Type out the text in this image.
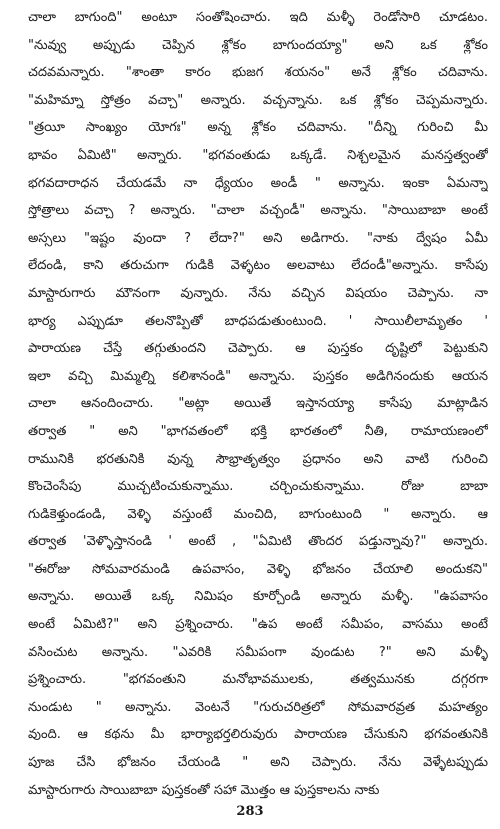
చాలా బాగుంది" అంటూ సంతోషించారు. ఇది మళ్ళీ రెండోసారి చూడటం.
"నువ్వు అప్పుడు చెప్పిన శ్లోకం బాగుందయ్యా" అని ఒక శ్లోకం
చదవమన్నారు. "శాంతా కారం భుజగ శయనం" అనే శ్లోకం చదివాను.
"మహిమ్నా స్తోత్రం వచ్చా" అన్నారు. వచ్చన్నాను. ఒక శ్లోకం చెప్పమన్నారు.
"త్రయీ సాంఖ్యం యోగః" అన్న శ్లోకం చదివాను. "దీన్ని గురించి మీ
భావం ఏమిటి" అన్నారు. "భగవంతుడు ఒక్కడే. నిశ్చలమైన మనస్తత్వంతో
భగవదారాధన చేయడమే నా ధ్యేయం అండీ " అన్నాను. ఇంకా ఏమన్నా
స్తోత్రాలు వచ్చా ? అన్నారు. "చాలా వచ్చండీ" అన్నాను. "సాయిబాబా అంటే
అస్సలు "ఇష్టం వుందా ? లేదా?" అని అడిగారు. "నాకు ద్వేషం ఏమీ
లేదండి, కాని తరుచుగా గుడికి వెళ్ళటం అలవాటు లేదండీ"అన్నాను. కాసేపు
మాస్టారుగారు మౌనంగా వున్నారు. నేను వచ్చిన విషయం చెప్పాను. నా
భార్య ఎప్పుడూ తలనొప్పితో బాధపడుతుంటుంది. ' సాయిలీలామృతం '
పారాయణ చేస్తే తగ్గుతుందని చెప్పారు. ఆ పుస్తకం దృష్టిలో పెట్టుకుని
ఇలా వచ్చి మిమ్మల్ని కలిశానండి" అన్నాను. పుస్తకం అడిగినందుకు ఆయన
చాలా ఆనందించారు. "అట్లా అయితే ఇస్తానయ్యా కాసేపు మాట్లాడిన
తర్వాత " అని "భాగవతంలో భక్తి భారతంలో నీతి, రామాయణంలో
రామునికి భరతునికి వున్న సౌభ్రాతృత్వం ప్రధానం అని వాటి గురించి
కొంచెంసేపు ముచ్చటించుకున్నాము. చర్చించుకున్నాము. రోజు బాబా
గుడికెళ్తుండండి, వెళ్ళి వస్తుంటే మంచిది, బాగుంటుంది " అన్నారు. ఆ
తర్వాత 'వెళ్ళొస్తానండి ' అంటే , "ఏమిటి తొందర పడ్తున్నావు?" అన్నారు.
"ఈరోజు సోమవారమండి ఉపవాసం, వెళ్ళి భోజనం చేయాలి అందుకని"
అన్నాను. అయితే ఒక్క నిమిషం కూర్చోండి అన్నారు మళ్ళీ. "ఉపవాసం
అంటే ఏమిటి?" అని ప్రశ్నించారు. "ఉప అంటే సమీపం, వాసము అంటే
వసించుట అన్నాను. "ఎవరికి సమీపంగా వుండుట ?" అని మళ్ళీ
ప్రశ్నించారు. "భగవంతుని మనోభావములకు, తత్వమునకు దగ్గరగా
నుండుట " అన్నాను. వెంటనే "గురుచరిత్రలో సోమవారవ్రత మహత్యం
వుంది. ఆ కథను మీ భార్యాభర్తలిరువురు పారాయణ చేసుకుని భగవంతునికి
పూజ చేసి భోజనం చేయండి " అని చెప్పారు. నేను వెళ్ళేటప్పుడు
మాస్టారుగారు సాయిబాబా పుస్తకంతో సహా మొత్తం ఆ పుస్తకాలను నాకు
283
